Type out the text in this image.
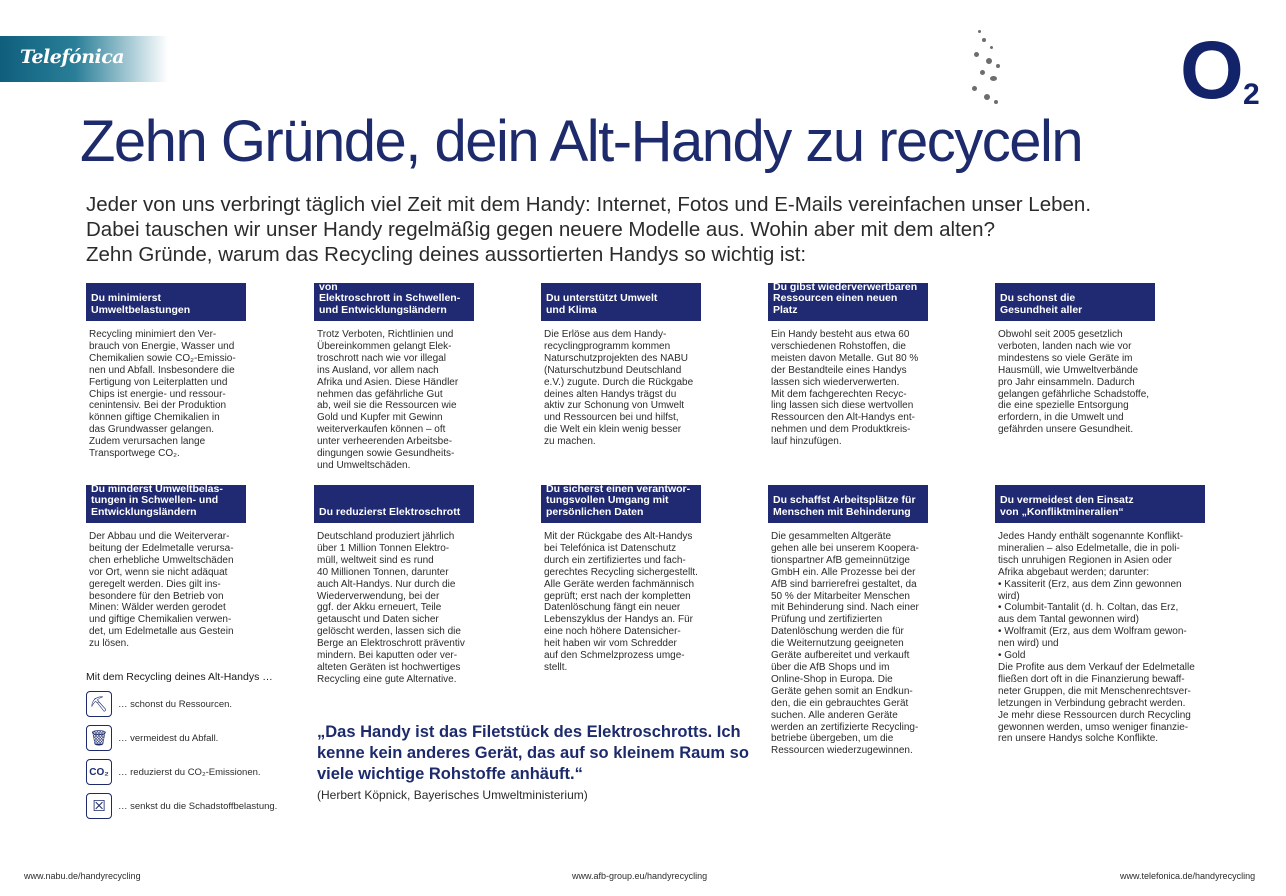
Telefónica	O 2
Zehn Gründe, dein Alt-Handy zu recyceln

Jeder von uns verbringt täglich viel Zeit mit dem Handy: Internet, Fotos und E-Mails vereinfachen unser Leben.

Dabei tauschen wir unser Handy regelmäßig gegen neuere Modelle aus. Wohin aber mit dem alten?

Zehn Gründe, warum das Recycling deines aussortierten Handys so wichtig ist:

Du minimierst
Umweltbelastungen

Recycling minimiert den Ver-
brauch von Energie, Wasser und
Chemikalien sowie CO₂-Emissio-
nen und Abfall. Insbesondere die
Fertigung von Leiterplatten und
Chips ist energie- und ressour-
cenintensiv. Bei der Produktion
können giftige Chemikalien in
das Grundwasser gelangen.
Zudem verursachen lange
Transportwege CO₂.

Du reduzierst die Ausfuhr von
Elektroschrott in Schwellen-
und Entwicklungsländern

Trotz Verboten, Richtlinien und
Übereinkommen gelangt Elek-
troschrott nach wie vor illegal
ins Ausland, vor allem nach
Afrika und Asien. Diese Händler
nehmen das gefährliche Gut
ab, weil sie die Ressourcen wie
Gold und Kupfer mit Gewinn
weiterverkaufen können – oft
unter verheerenden Arbeitsbe-
dingungen sowie Gesundheits-
und Umweltschäden.

Du unterstützt Umwelt
und Klima

Die Erlöse aus dem Handy-
recyclingprogramm kommen
Naturschutzprojekten des NABU
(Naturschutzbund Deutschland
e.V.) zugute. Durch die Rückgabe
deines alten Handys trägst du
aktiv zur Schonung von Umwelt
und Ressourcen bei und hilfst,
die Welt ein klein wenig besser
zu machen.

Du gibst wiederverwertbaren
Ressourcen einen neuen
Platz

Ein Handy besteht aus etwa 60
verschiedenen Rohstoffen, die
meisten davon Metalle. Gut 80 %
der Bestandteile eines Handys
lassen sich wiederverwerten.
Mit dem fachgerechten Recyc-
ling lassen sich diese wertvollen
Ressourcen den Alt-Handys ent-
nehmen und dem Produktkreis-
lauf hinzufügen.

Du schonst die
Gesundheit aller

Obwohl seit 2005 gesetzlich
verboten, landen nach wie vor
mindestens so viele Geräte im
Hausmüll, wie Umweltverbände
pro Jahr einsammeln. Dadurch
gelangen gefährliche Schadstoffe,
die eine spezielle Entsorgung
erfordern, in die Umwelt und
gefährden unsere Gesundheit.

Du minderst Umweltbelas-
tungen in Schwellen- und
Entwicklungsländern

Der Abbau und die Weiterverar-
beitung der Edelmetalle verursa-
chen erhebliche Umweltschäden
vor Ort, wenn sie nicht adäquat
geregelt werden. Dies gilt ins-
besondere für den Betrieb von
Minen: Wälder werden gerodet
und giftige Chemikalien verwen-
det, um Edelmetalle aus Gestein
zu lösen.

Du reduzierst Elektroschrott

Deutschland produziert jährlich
über 1 Million Tonnen Elektro-
müll, weltweit sind es rund
40 Millionen Tonnen, darunter
auch Alt-Handys. Nur durch die
Wiederverwendung, bei der
ggf. der Akku erneuert, Teile
getauscht und Daten sicher
gelöscht werden, lassen sich die
Berge an Elektroschrott präventiv
mindern. Bei kaputten oder ver-
alteten Geräten ist hochwertiges
Recycling eine gute Alternative.

Du sicherst einen verantwor-
tungsvollen Umgang mit
persönlichen Daten

Mit der Rückgabe des Alt-Handys
bei Telefónica ist Datenschutz
durch ein zertifiziertes und fach-
gerechtes Recycling sichergestellt.
Alle Geräte werden fachmännisch
geprüft; erst nach der kompletten
Datenlöschung fängt ein neuer
Lebenszyklus der Handys an. Für
eine noch höhere Datensicher-
heit haben wir vom Schredder
auf den Schmelzprozess umge-
stellt.

Du schaffst Arbeitsplätze für
Menschen mit Behinderung

Die gesammelten Altgeräte
gehen alle bei unserem Koopera-
tionspartner AfB gemeinnützige
GmbH ein. Alle Prozesse bei der
AfB sind barrierefrei gestaltet, da
50 % der Mitarbeiter Menschen
mit Behinderung sind. Nach einer
Prüfung und zertifizierten
Datenlöschung werden die für
die Weiternutzung geeigneten
Geräte aufbereitet und verkauft
über die AfB Shops und im
Online-Shop in Europa. Die
Geräte gehen somit an Endkun-
den, die ein gebrauchtes Gerät
suchen. Alle anderen Geräte
werden an zertifizierte Recycling-
betriebe übergeben, um die
Ressourcen wiederzugewinnen.

Du vermeidest den Einsatz
von „Konfliktmineralien“

Jedes Handy enthält sogenannte Konflikt-
mineralien – also Edelmetalle, die in poli-
tisch unruhigen Regionen in Asien oder
Afrika abgebaut werden; darunter:
• Kassiterit (Erz, aus dem Zinn gewonnen
wird)
• Columbit-Tantalit (d. h. Coltan, das Erz,
aus dem Tantal gewonnen wird)
• Wolframit (Erz, aus dem Wolfram gewon-
nen wird) und
• Gold
Die Profite aus dem Verkauf der Edelmetalle
fließen dort oft in die Finanzierung bewaff-
neter Gruppen, die mit Menschenrechtsver-
letzungen in Verbindung gebracht werden.
Je mehr diese Ressourcen durch Recycling
gewonnen werden, umso weniger finanzie-
ren unsere Handys solche Konflikte.

Mit dem Recycling deines Alt-Handys …
⛏ … schonst du Ressourcen.
🗑 … vermeidest du Abfall.
CO₂ … reduzierst du CO₂-Emissionen.
☒	… senkst du die Schadstoffbelastung.

„Das Handy ist das Filetstück des Elektroschrotts. Ich kenne kein anderes Gerät, das auf so kleinem Raum so viele wichtige Rohstoffe anhäuft.“

(Herbert Köpnick, Bayerisches Umweltministerium)

www.nabu.de/handyrecycling	www.afb-group.eu/handyrecycling	www.telefonica.de/handyrecycling
